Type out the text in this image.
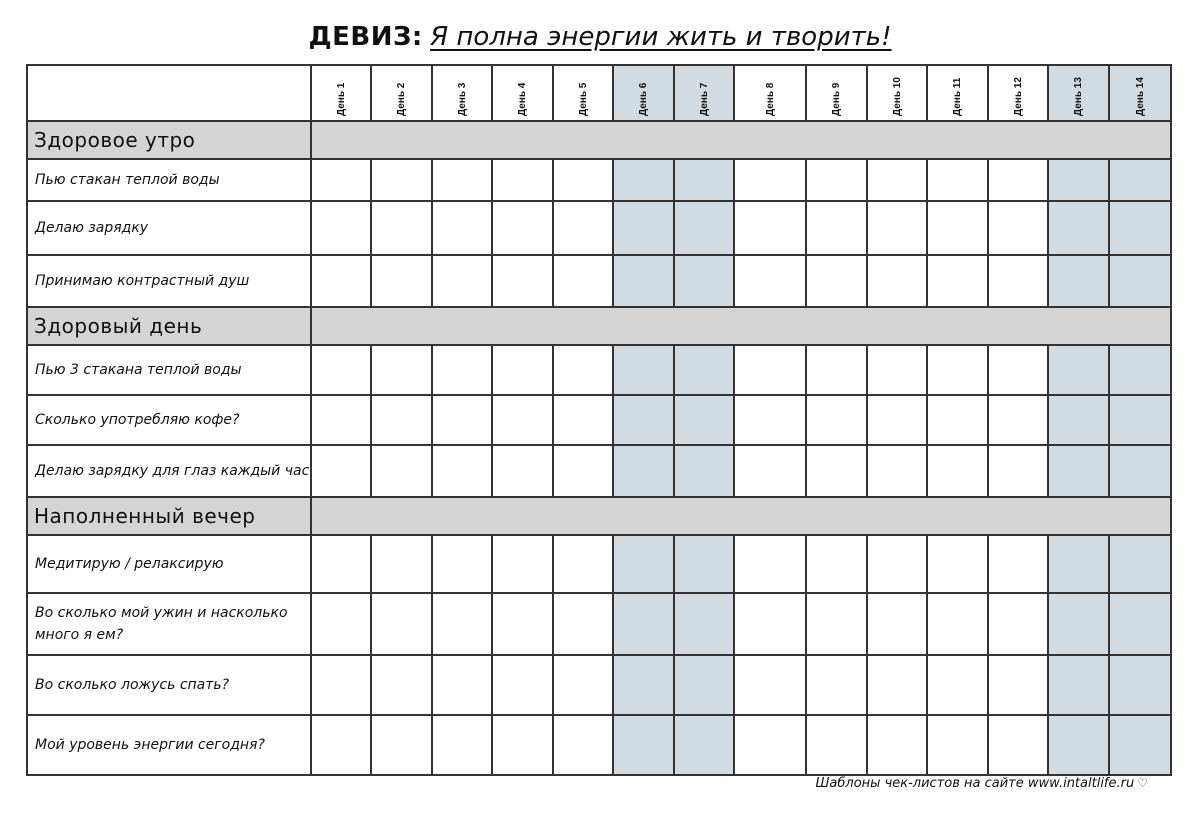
ДЕВИЗ: Я полна энергии жить и творить!

	День 1	День 2	День 3	День 4	День 5	День 6	День 7	День 8	День 9	День 10	День 11	День 12	День 13	День 14

Здоровое утро														
Пью стакан теплой воды														
Делаю зарядку														
Принимаю контрастный душ														
Здоровый день														
Пью 3 стакана теплой воды														
Сколько употребляю кофе?														
Делаю зарядку для глаз каждый час														
Наполненный вечер														
Медитирую / релаксирую														
Во сколько мой ужин и насколько много я ем?														
Во сколько ложусь спать?														
Мой уровень энергии сегодня?														
Шаблоны чек-листов на сайте www.intaltlife.ru ♡
